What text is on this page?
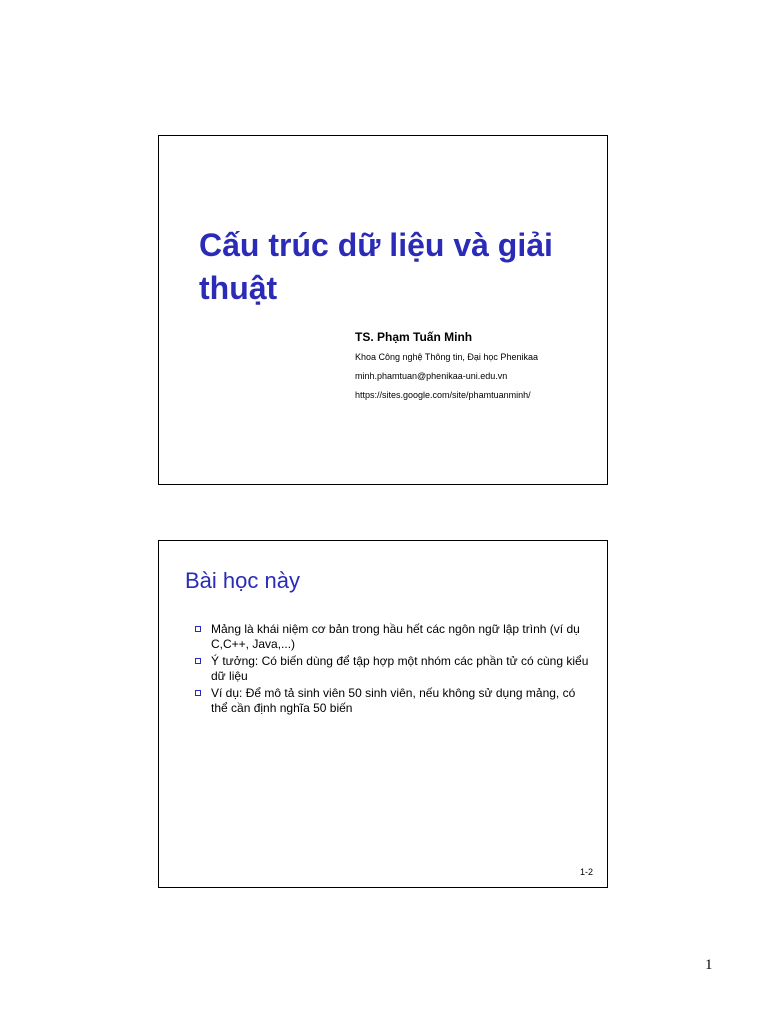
Cấu trúc dữ liệu và giải thuật

TS. Phạm Tuấn Minh

Khoa Công nghệ Thông tin, Đại học Phenikaa

minh.phamtuan@phenikaa-uni.edu.vn

https://sites.google.com/site/phamtuanminh/

Bài học này
Mảng là khái niệm cơ bản trong hầu hết các ngôn ngữ lập trình (ví dụ C,C++, Java,...)
Ý tưởng: Có biến dùng để tập hợp một nhóm các phần tử có cùng kiểu dữ liệu
Ví dụ: Để mô tả sinh viên 50 sinh viên, nếu không sử dụng mảng, có thể cần định nghĩa 50 biến
1-2
1
